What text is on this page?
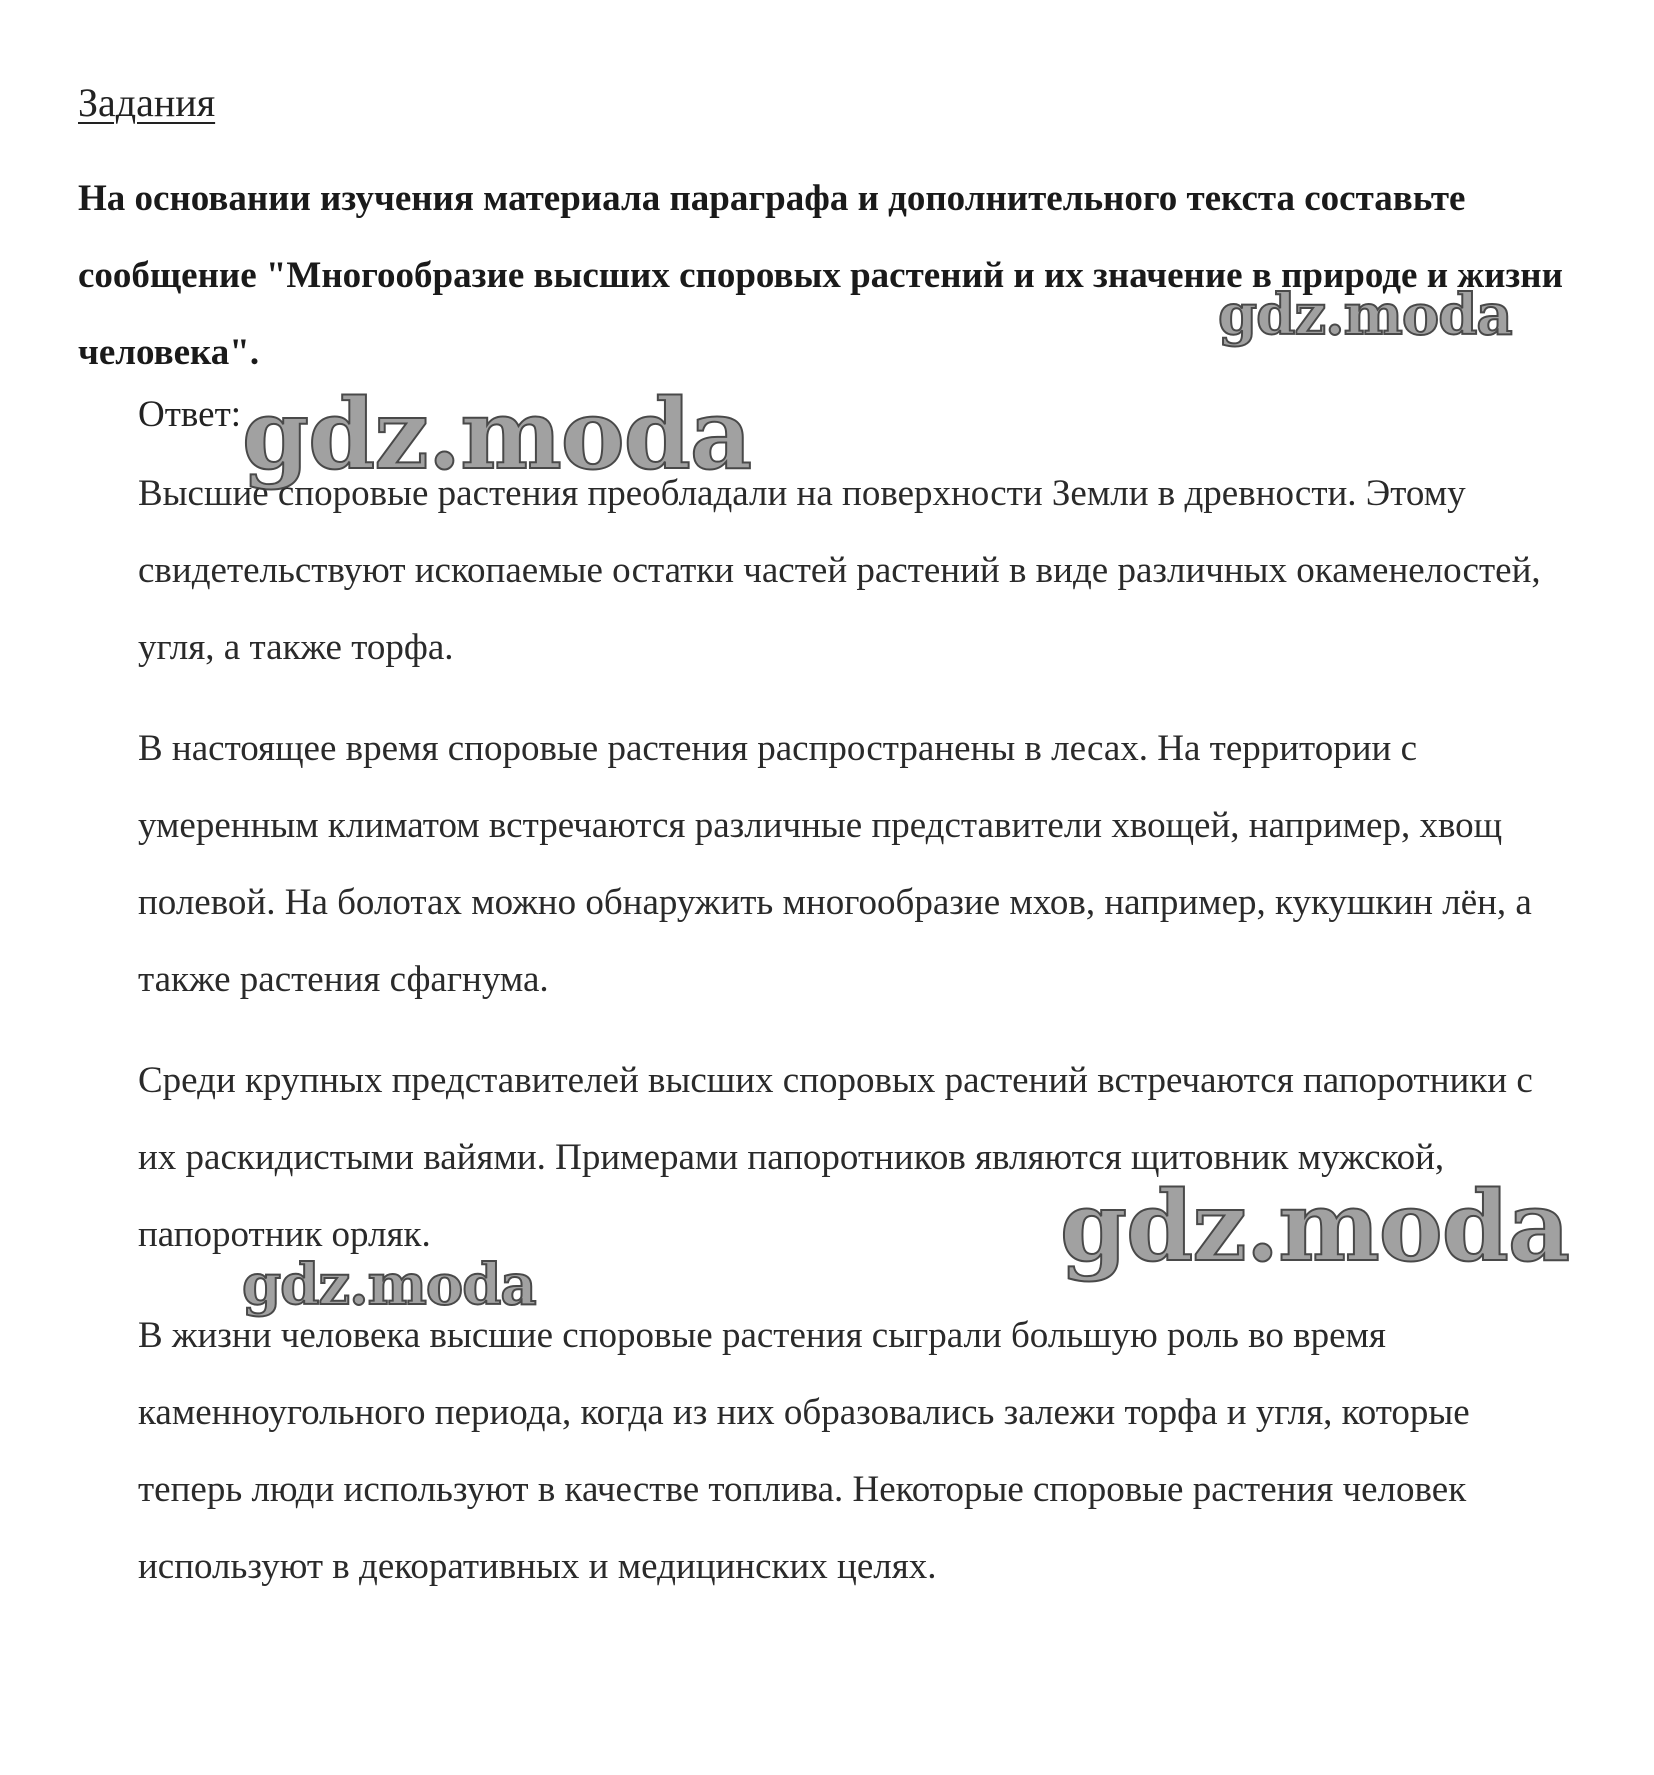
Задания
На основании изучения материала параграфа и дополнительного текста составьте сообщение "Многообразие высших споровых растений и их значение в природе и жизни человека".
Ответ:

Высшие споровые растения преобладали на поверхности Земли в древности. Этому свидетельствуют ископаемые остатки частей растений в виде различных окаменелостей, угля, а также торфа.

В настоящее время споровые растения распространены в лесах. На территории с умеренным климатом встречаются различные представители хвощей, например, хвощ полевой. На болотах можно обнаружить многообразие мхов, например, кукушкин лён, а также растения сфагнума.

Среди крупных представителей высших споровых растений встречаются папоротники с их раскидистыми вайями. Примерами папоротников являются щитовник мужской, папоротник орляк.

В жизни человека высшие споровые растения сыграли большую роль во время каменноугольного периода, когда из них образовались залежи торфа и угля, которые теперь люди используют в качестве топлива. Некоторые споровые растения человек используют в декоративных и медицинских целях.

gdz.moda
gdz.moda
gdz.moda
gdz.moda
